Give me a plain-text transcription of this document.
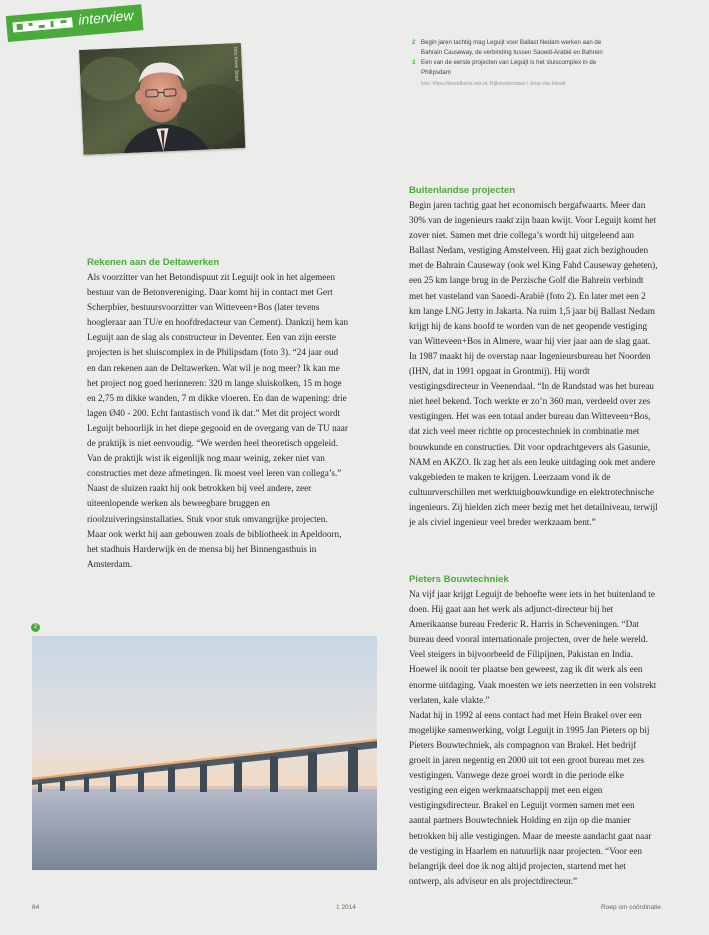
interview
foto Kees Stoel
2 Begin jaren tachtig mag Leguijt voor Ballast Nedam werken aan de Bahrain Causeway, de verbinding tussen Saoedi-Arabië en Bahrein
3 Een van de eerste projecten van Leguijt is het sluiscomplex in de Philipsdam
foto: https://beeldbank.rws.nl, Rijkswaterstaat / Joop van Houdt
Rekenen aan de Deltawerken

Als voorzitter van het Betondispuut zit Leguijt ook in het algemeen bestuur van de Betonvereniging. Daar komt hij in contact met Gert Scherpbier, bestuursvoorzitter van Witteveen+Bos (later tevens hoogleraar aan TU/e en hoofdredacteur van Cement). Dankzij hem kan Leguijt aan de slag als constructeur in Deventer. Een van zijn eerste projecten is het sluiscomplex in de Philipsdam (foto 3). “24 jaar oud en dan rekenen aan de Deltawerken. Wat wil je nog meer? Ik kan me het project nog goed herinneren: 320 m lange sluiskolken, 15 m hoge en 2,75 m dikke wanden, 7 m dikke vloeren. En dan de wapening: drie lagen Ø40 - 200. Echt fantastisch vond ik dat.” Met dit project wordt Leguijt behoorlijk in het diepe gegooid en de overgang van de TU naar de praktijk is niet eenvoudig. “We werden heel theoretisch opgeleid. Van de praktijk wist ik eigenlijk nog maar weinig, zeker niet van constructies met deze afmetingen. Ik moest veel leren van collega’s.” Naast de sluizen raakt hij ook betrokken bij veel andere, zeer uiteenlopende werken als beweegbare bruggen en rioolzuiveringsinstallaties. Stuk voor stuk omvangrijke projecten. Maar ook werkt hij aan gebouwen zoals de bibliotheek in Apeldoorn, het stadhuis Harderwijk en de mensa bij het Binnengasthuis in Amsterdam.

Buitenlandse projecten

Begin jaren tachtig gaat het economisch bergafwaarts. Meer dan 30% van de ingenieurs raakt zijn baan kwijt. Voor Leguijt komt het zover niet. Samen met drie collega’s wordt hij uitgeleend aan Ballast Nedam, vestiging Amstelveen. Hij gaat zich bezighouden met de Bahrain Causeway (ook wel King Fahd Causeway geheten), een 25 km lange brug in de Perzische Golf die Bahrein verbindt met het vasteland van Saoedi-Arabië (foto 2). En later met een 2 km lange LNG Jetty in Jakarta. Na ruim 1,5 jaar bij Ballast Nedam krijgt hij de kans hoofd te worden van de net geopende vestiging van Witteveen+Bos in Almere, waar hij vier jaar aan de slag gaat. In 1987 maakt hij de overstap naar Ingenieursbureau het Noorden (IHN, dat in 1991 opgaat in Grontmij). Hij wordt vestigingsdirecteur in Veenendaal. “In de Randstad was het bureau niet heel bekend. Toch werkte er zo’n 360 man, verdeeld over zes vestigingen. Het was een totaal ander bureau dan Witteveen+Bos, dat zich veel meer richtte op procestechniek in combinatie met bouwkunde en constructies. Dit voor opdrachtgevers als Gasunie, NAM en AKZO. Ik zag het als een leuke uitdaging ook met andere vakgebieden te maken te krijgen. Leerzaam vond ik de cultuurverschillen met werktuigbouwkundige en elektrotechnische ingenieurs. Zij hielden zich meer bezig met het detailniveau, terwijl je als civiel ingenieur veel breder werkzaam bent.”

Pieters Bouwtechniek

Na vijf jaar krijgt Leguijt de behoefte weer iets in het buitenland te doen. Hij gaat aan het werk als adjunct-directeur bij het Amerikaanse bureau Frederic R. Harris in Scheveningen. “Dat bureau deed vooral internationale projecten, over de hele wereld. Veel steigers in bijvoorbeeld de Filipijnen, Pakistan en India. Hoewel ik nooit ter plaatse ben geweest, zag ik dit werk als een enorme uitdaging. Vaak moesten we iets neerzetten in een volstrekt verlaten, kale vlakte.”

Nadat hij in 1992 al eens contact had met Hein Brakel over een mogelijke samenwerking, volgt Leguijt in 1995 Jan Pieters op bij Pieters Bouwtechniek, als compagnon van Brakel. Het bedrijf groeit in jaren negentig en 2000 uit tot een groot bureau met zes vestigingen. Vanwege deze groei wordt in die periode elke vestiging een eigen werkmaatschappij met een eigen vestigingsdirecteur. Brakel en Leguijt vormen samen met een aantal partners Bouwtechniek Holding en zijn op die manier betrokken bij alle vestigingen. Maar de meeste aandacht gaat naar de vestiging in Haarlem en natuurlijk naar projecten. “Voor een belangrijk deel doe ik nog altijd projecten, startend met het ontwerp, als adviseur en als projectdirecteur.”

2
64	1 2014	Roep om coördinatie
